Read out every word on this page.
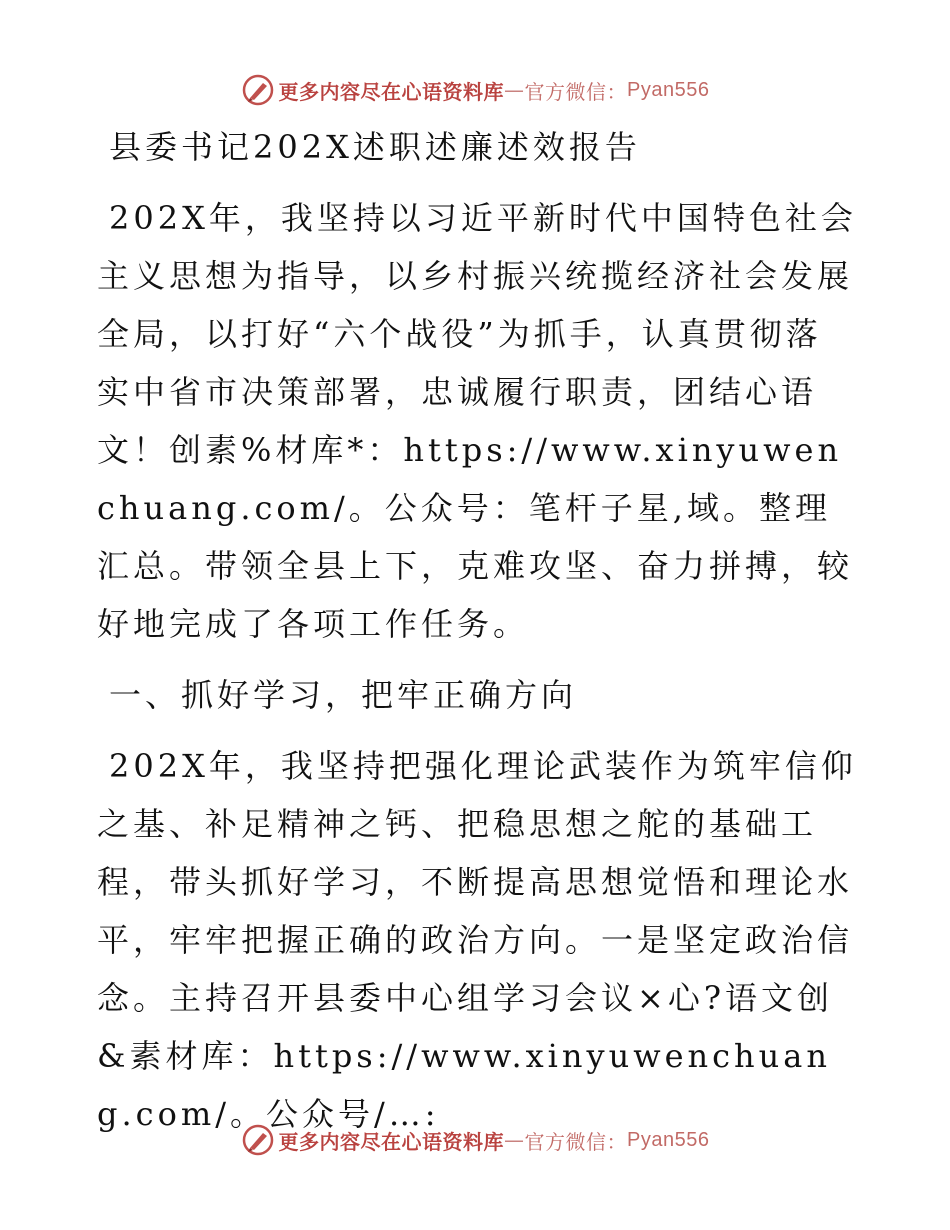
更多内容尽在心语资料库 — 官方微信： Pyan556

县委书记202X述职述廉述效报告

202X年，我坚持以习近平新时代中国特色社会主义思想为指导，以乡村振兴统揽经济社会发展全局，以打好“六个战役”为抓手，认真贯彻落实中省市决策部署，忠诚履行职责，团结心语文！创素%材库*：https://www.xinyuwenchuang.com/。公众号：笔杆子星,域。整理汇总。带领全县上下，克难攻坚、奋力拼搏，较好地完成了各项工作任务。

一、抓好学习，把牢正确方向

202X年，我坚持把强化理论武装作为筑牢信仰之基、补足精神之钙、把稳思想之舵的基础工程，带头抓好学习，不断提高思想觉悟和理论水平，牢牢把握正确的政治方向。一是坚定政治信念。主持召开县委中心组学习会议×心?语文创&素材库：https://www.xinyuwenchuang.com/。公众号/…:

更多内容尽在心语资料库 — 官方微信： Pyan556
